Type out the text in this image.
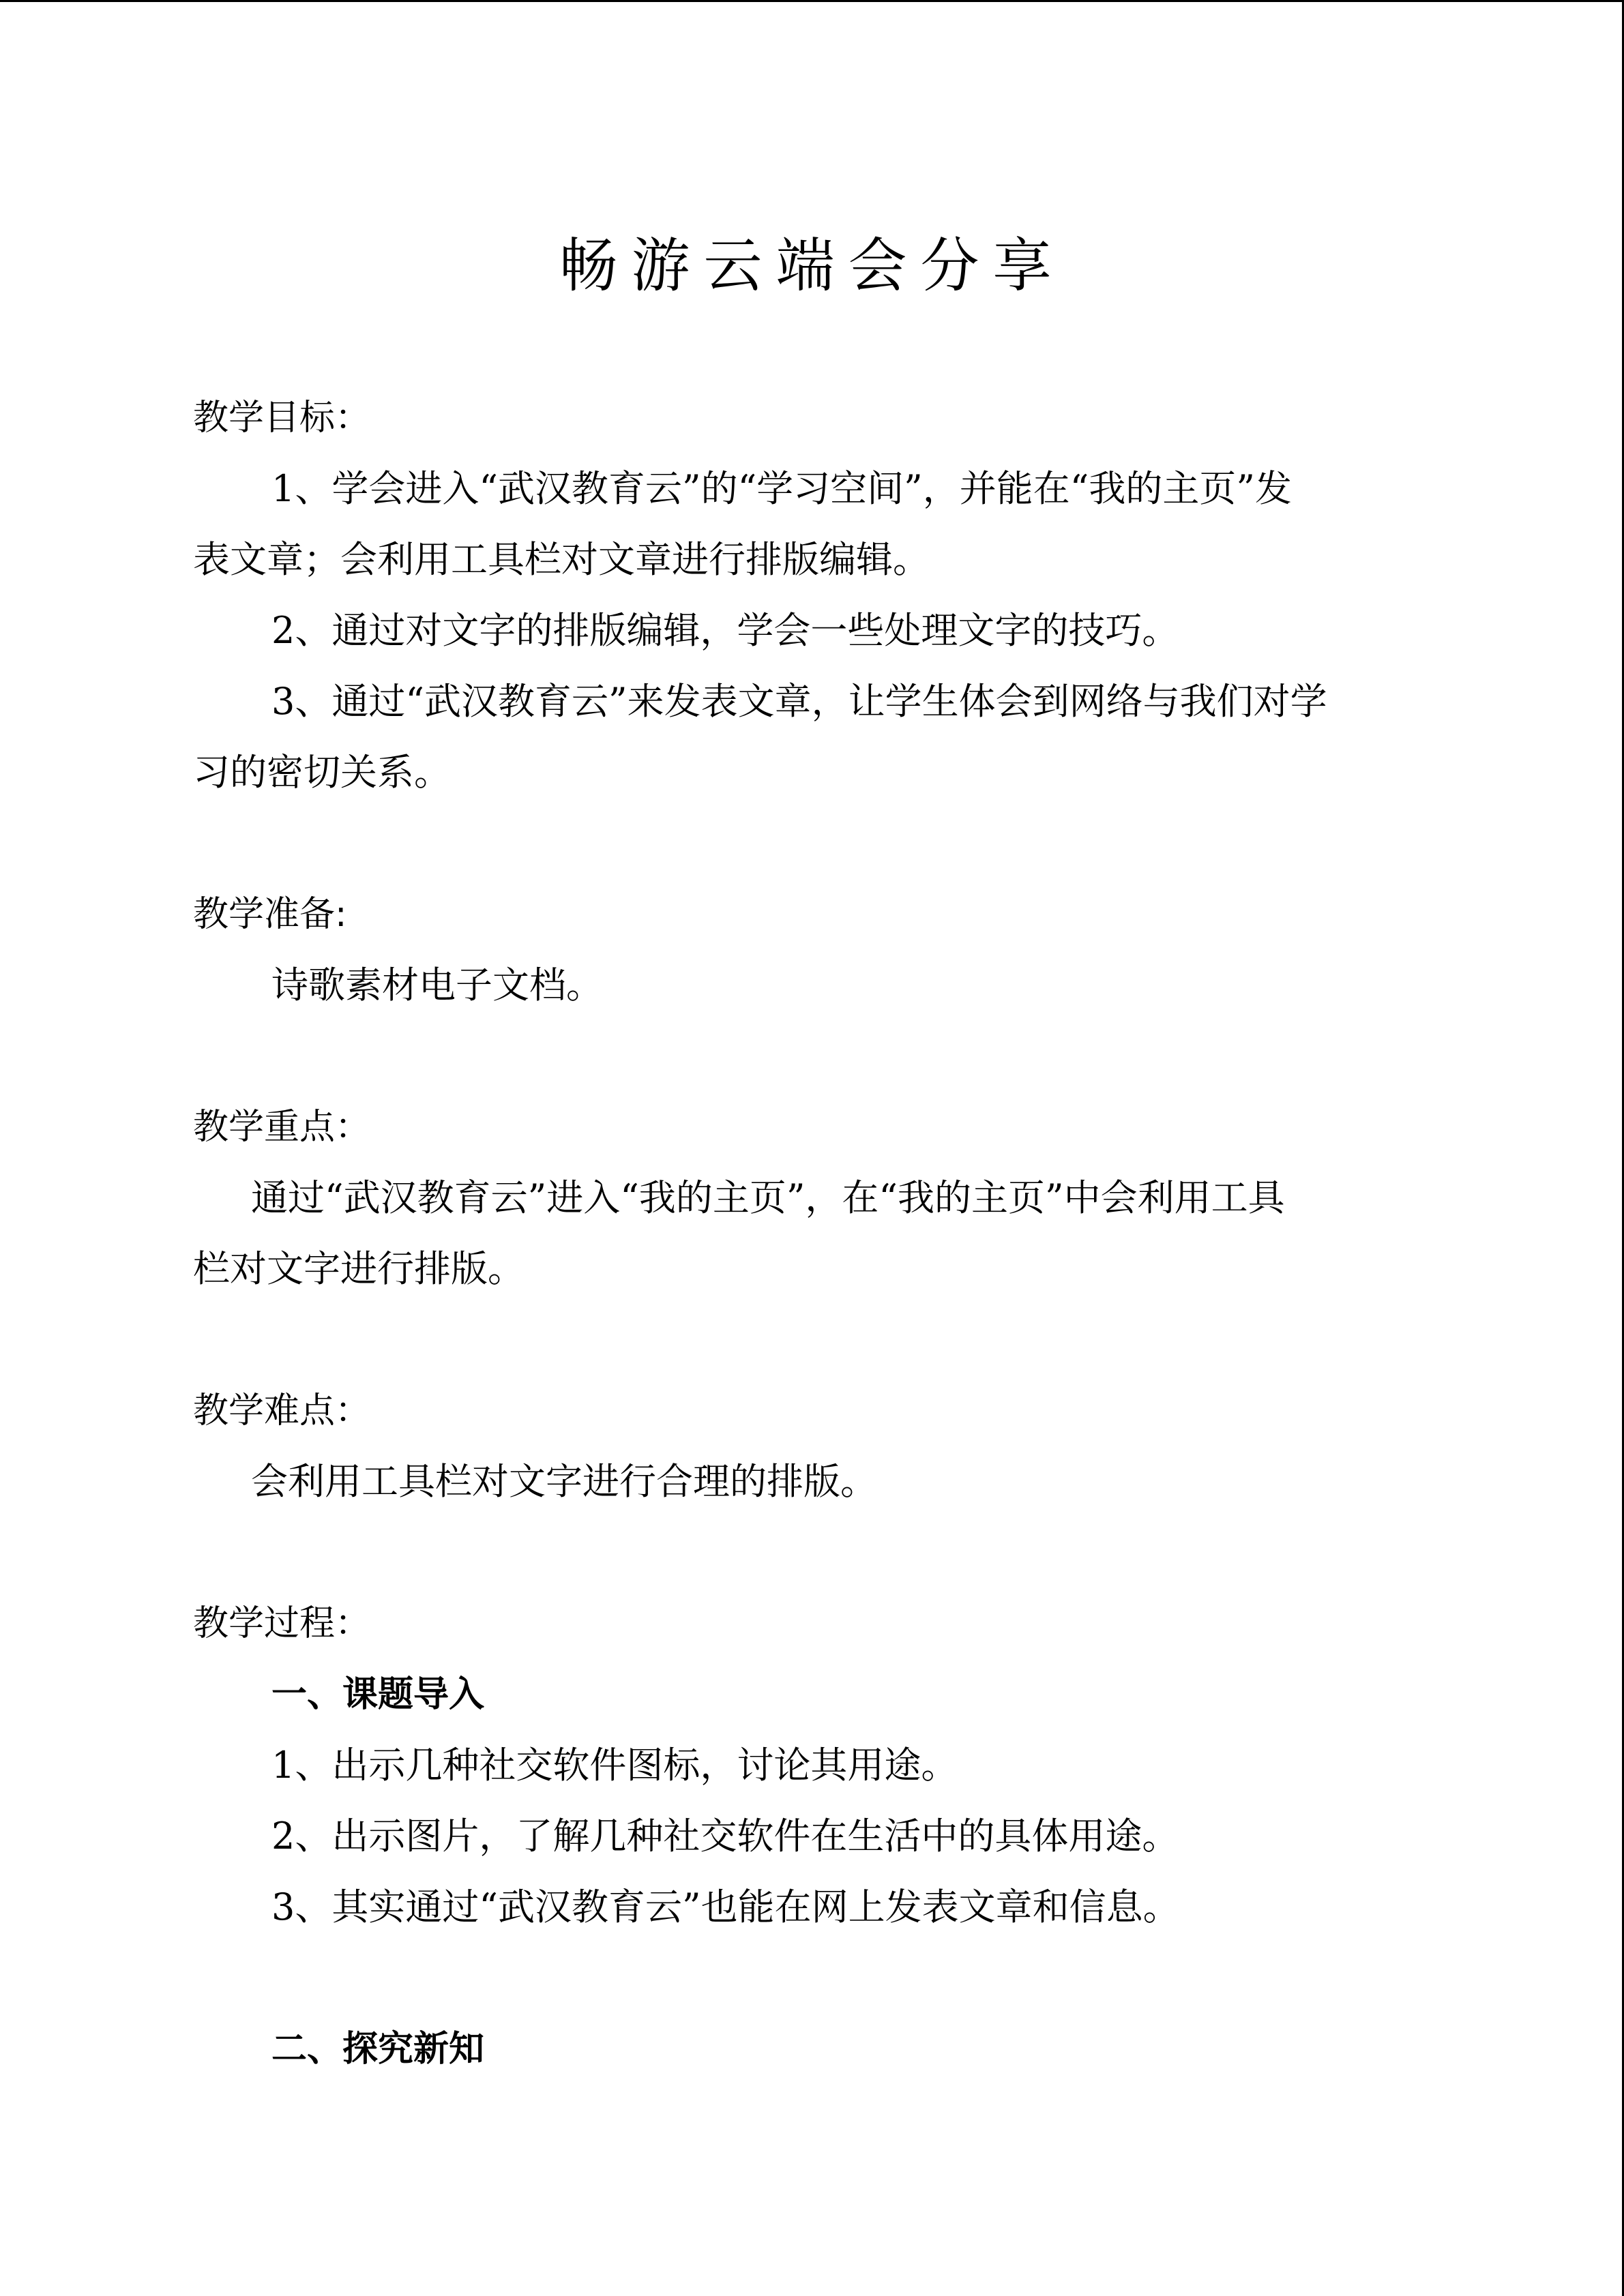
畅游云端会分享
教学目标：
1、学会进入“武汉教育云”的“学习空间”，并能在“我的主页”发
表文章；会利用工具栏对文章进行排版编辑。
2、通过对文字的排版编辑，学会一些处理文字的技巧。
3、通过“武汉教育云”来发表文章，让学生体会到网络与我们对学
习的密切关系。
教学准备:
诗歌素材电子文档。
教学重点：
通过“武汉教育云”进入“我的主页”，在“我的主页”中会利用工具
栏对文字进行排版。
教学难点：
会利用工具栏对文字进行合理的排版。
教学过程：
一、课题导入
1、出示几种社交软件图标，讨论其用途。
2、出示图片，了解几种社交软件在生活中的具体用途。
3、其实通过“武汉教育云”也能在网上发表文章和信息。
二、探究新知
